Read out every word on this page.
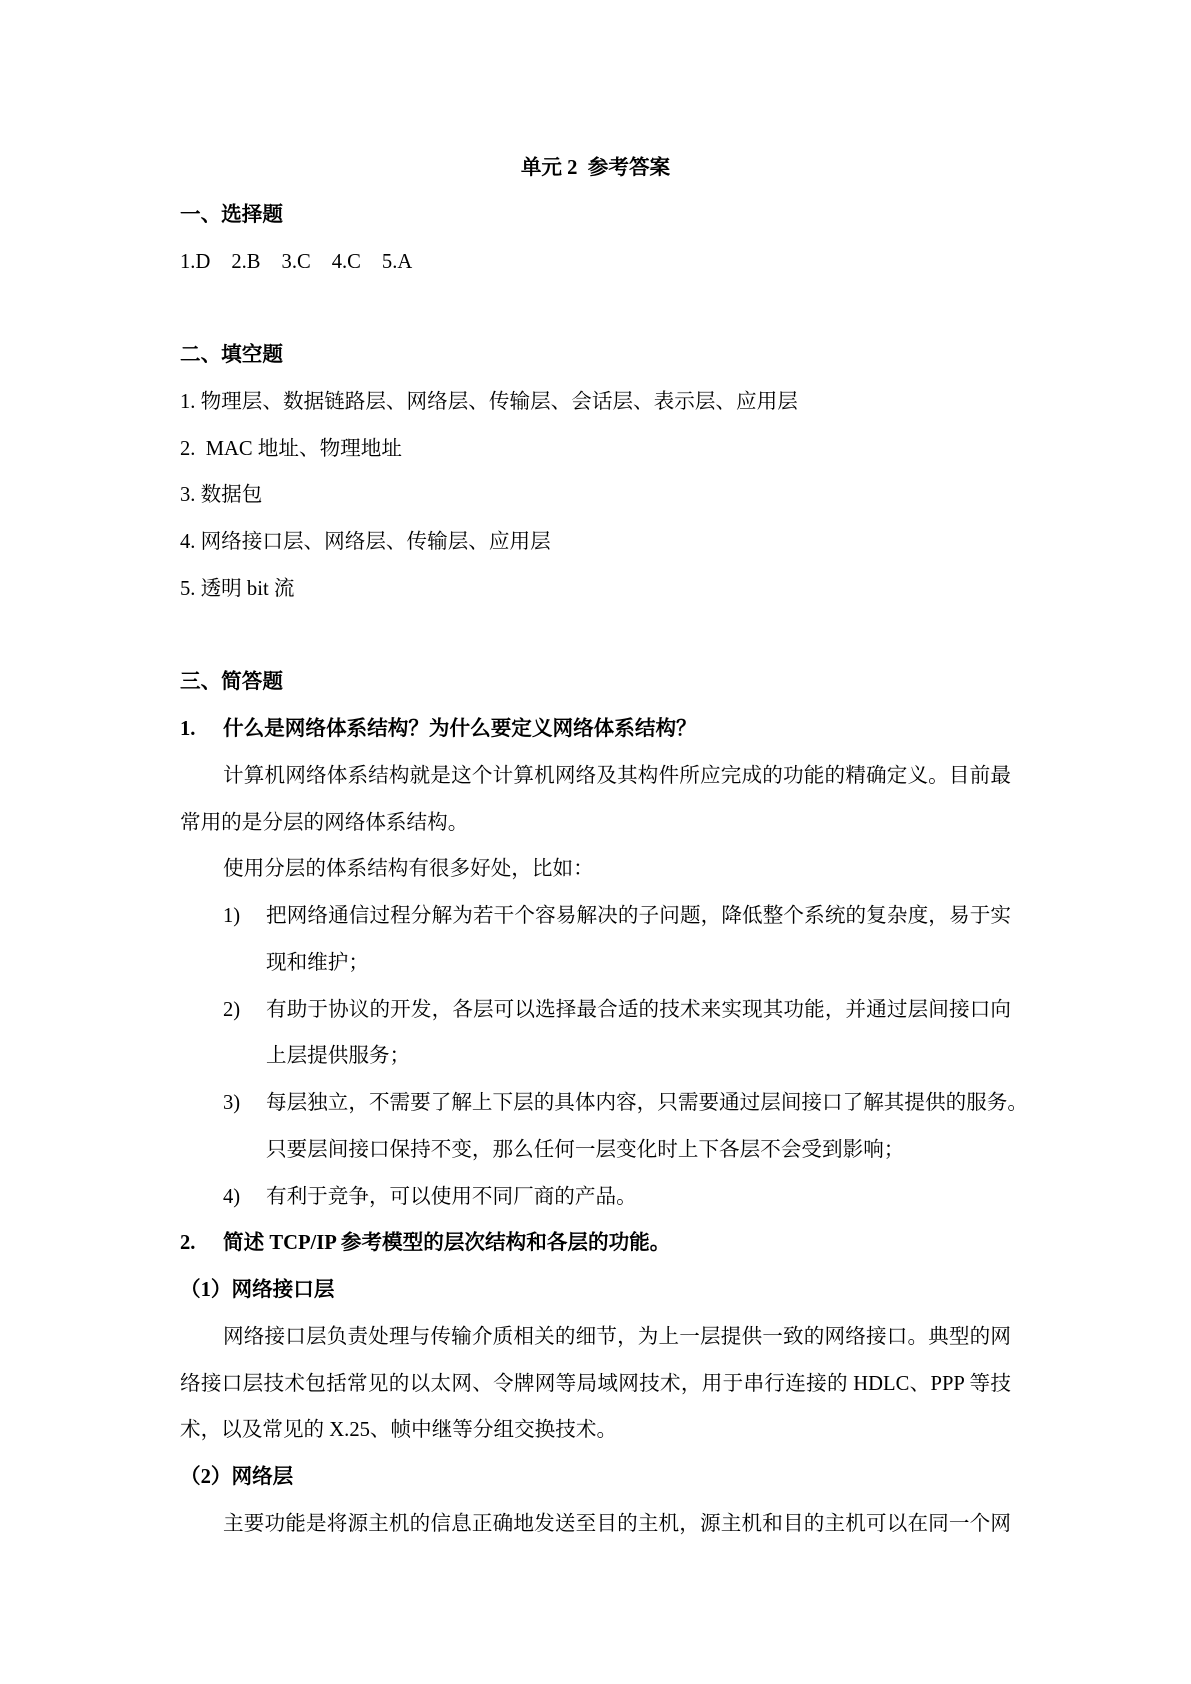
单元 2  参考答案
一、选择题
1.D 2.B 3.C 4.C 5.A
二、填空题
1. 物理层、数据链路层、网络层、传输层、会话层、表示层、应用层
2.  MAC 地址、物理地址
3. 数据包
4. 网络接口层、网络层、传输层、应用层
5. 透明 bit 流
三、简答题
1.	什么是网络体系结构？为什么要定义网络体系结构？
计算机网络体系结构就是这个计算机网络及其构件所应完成的功能的精确定义。目前最
常用的是分层的网络体系结构。
使用分层的体系结构有很多好处，比如：
1)	把网络通信过程分解为若干个容易解决的子问题，降低整个系统的复杂度，易于实
现和维护；
2)	有助于协议的开发，各层可以选择最合适的技术来实现其功能，并通过层间接口向
上层提供服务；
3)	每层独立，不需要了解上下层的具体内容，只需要通过层间接口了解其提供的服务。
只要层间接口保持不变，那么任何一层变化时上下各层不会受到影响；
4)	有利于竞争，可以使用不同厂商的产品。
2.	简述 TCP/IP 参考模型的层次结构和各层的功能。
（1）网络接口层
网络接口层负责处理与传输介质相关的细节，为上一层提供一致的网络接口。典型的网
络接口层技术包括常见的以太网、令牌网等局域网技术，用于串行连接的 HDLC、PPP 等技
术，以及常见的 X.25、帧中继等分组交换技术。
（2）网络层
主要功能是将源主机的信息正确地发送至目的主机，源主机和目的主机可以在同一个网
